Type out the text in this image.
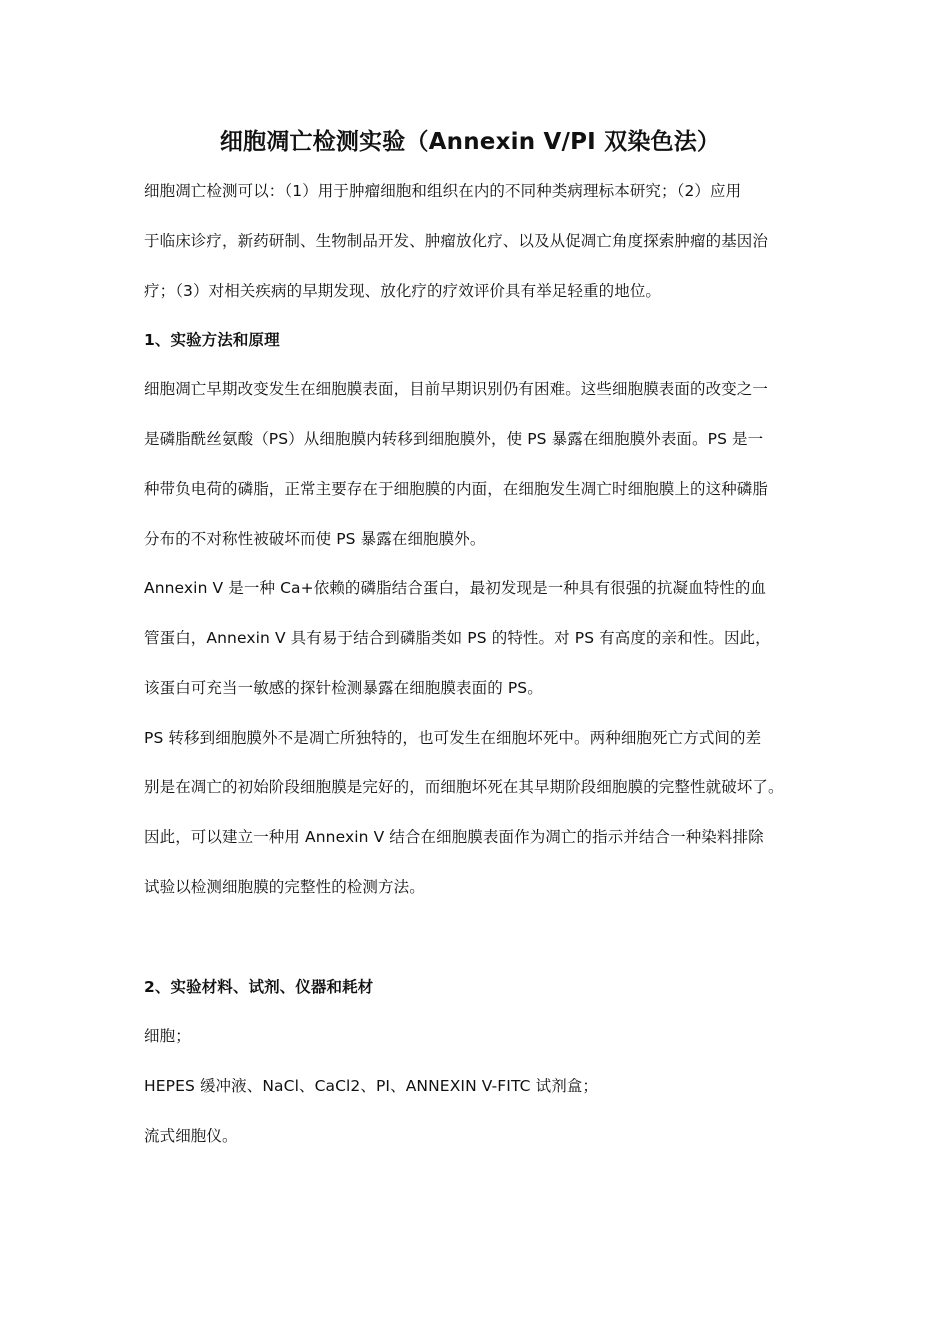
细胞凋亡检测实验（Annexin V/PI 双染色法）
细胞凋亡检测可以：（1）用于肿瘤细胞和组织在内的不同种类病理标本研究；（2）应用
于临床诊疗，新药研制、生物制品开发、肿瘤放化疗、以及从促凋亡角度探索肿瘤的基因治
疗；（3）对相关疾病的早期发现、放化疗的疗效评价具有举足轻重的地位。
1、实验方法和原理
细胞凋亡早期改变发生在细胞膜表面，目前早期识别仍有困难。这些细胞膜表面的改变之一
是磷脂酰丝氨酸（PS）从细胞膜内转移到细胞膜外，使 PS 暴露在细胞膜外表面。PS 是一
种带负电荷的磷脂，正常主要存在于细胞膜的内面，在细胞发生凋亡时细胞膜上的这种磷脂
分布的不对称性被破坏而使 PS 暴露在细胞膜外。
Annexin V 是一种 Ca+依赖的磷脂结合蛋白，最初发现是一种具有很强的抗凝血特性的血
管蛋白，Annexin V 具有易于结合到磷脂类如 PS 的特性。对 PS 有高度的亲和性。因此，
该蛋白可充当一敏感的探针检测暴露在细胞膜表面的 PS。
PS 转移到细胞膜外不是凋亡所独特的，也可发生在细胞坏死中。两种细胞死亡方式间的差
别是在凋亡的初始阶段细胞膜是完好的，而细胞坏死在其早期阶段细胞膜的完整性就破坏了。
因此，可以建立一种用 Annexin V 结合在细胞膜表面作为凋亡的指示并结合一种染料排除
试验以检测细胞膜的完整性的检测方法。
2、实验材料、试剂、仪器和耗材
细胞；
HEPES 缓冲液、NaCl、CaCl2、PI、ANNEXIN V-FITC 试剂盒；
流式细胞仪。
